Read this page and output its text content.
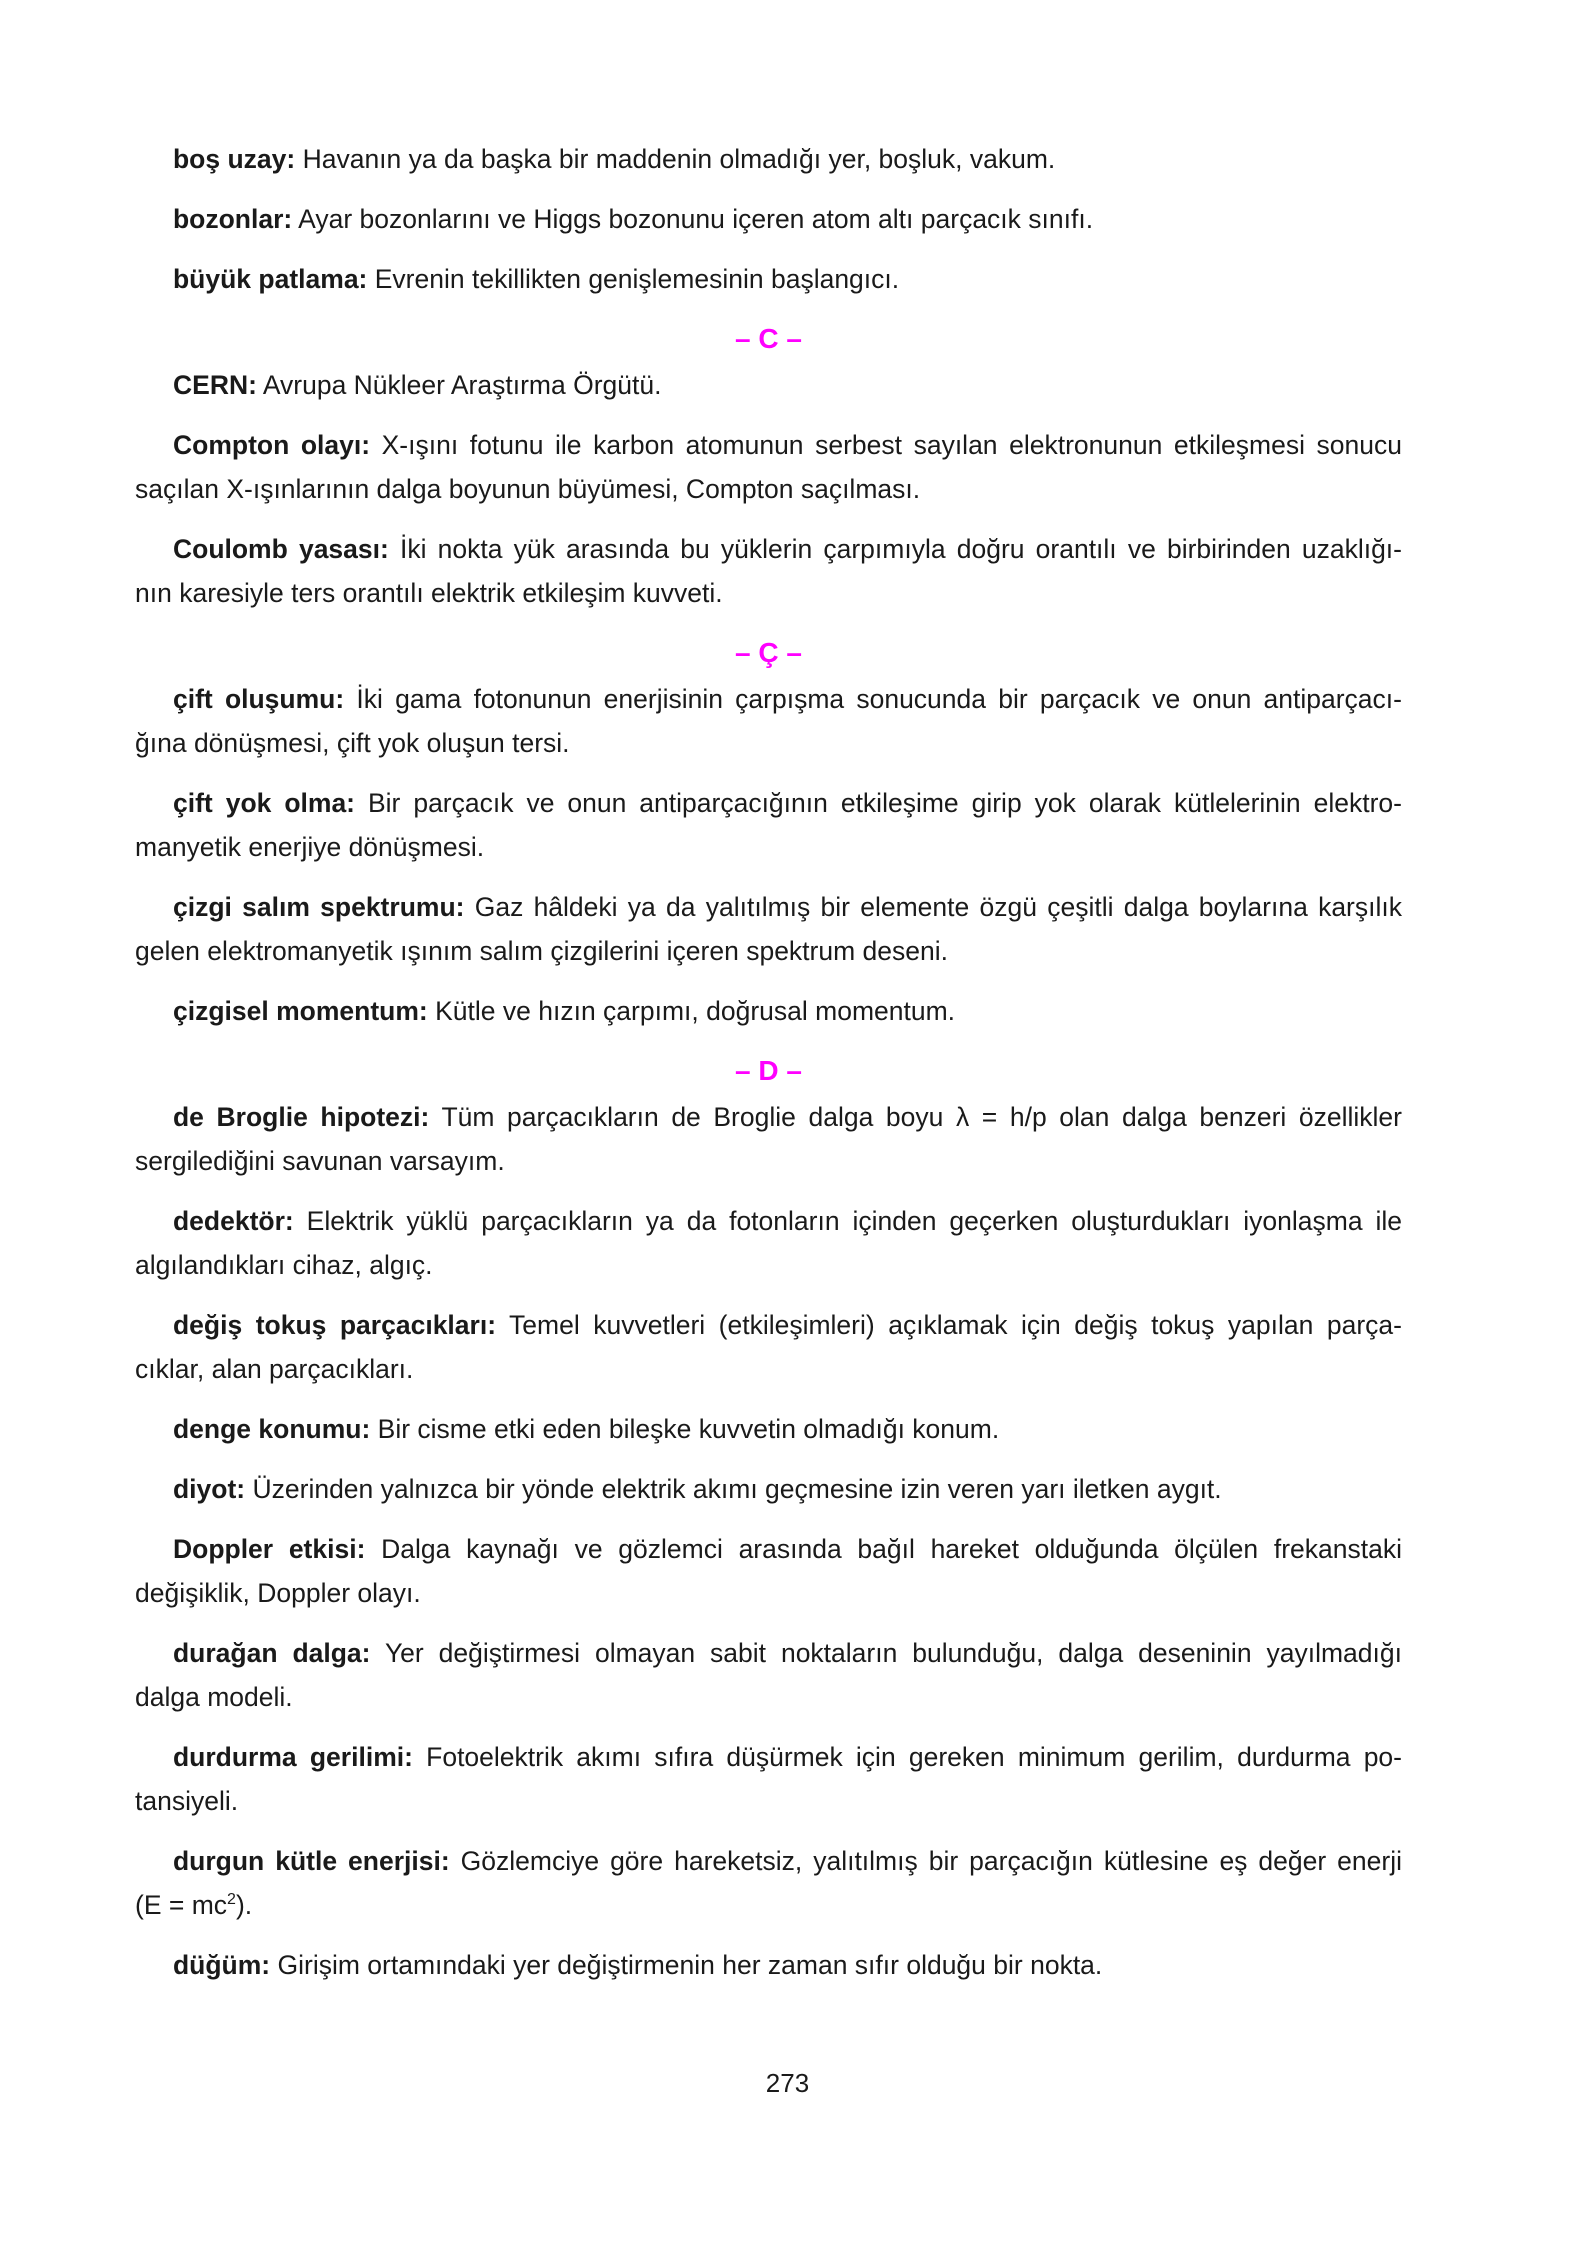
boş uzay: Havanın ya da başka bir maddenin olmadığı yer, boşluk, vakum.
bozonlar: Ayar bozonlarını ve Higgs bozonunu içeren atom altı parçacık sınıfı.
büyük patlama: Evrenin tekillikten genişlemesinin başlangıcı.
– C –
CERN: Avrupa Nükleer Araştırma Örgütü.
Compton olayı: X-ışını fotunu ile karbon atomunun serbest sayılan elektronunun etkileşmesi sonucu
saçılan X-ışınlarının dalga boyunun büyümesi, Compton saçılması.
Coulomb yasası: İki nokta yük arasında bu yüklerin çarpımıyla doğru orantılı ve birbirinden uzaklığı-
nın karesiyle ters orantılı elektrik etkileşim kuvveti.
– Ç –
çift oluşumu: İki gama fotonunun enerjisinin çarpışma sonucunda bir parçacık ve onun antiparçacı-
ğına dönüşmesi, çift yok oluşun tersi.
çift yok olma: Bir parçacık ve onun antiparçacığının etkileşime girip yok olarak kütlelerinin elektro-
manyetik enerjiye dönüşmesi.
çizgi salım spektrumu: Gaz hâldeki ya da yalıtılmış bir elemente özgü çeşitli dalga boylarına karşılık
gelen elektromanyetik ışınım salım çizgilerini içeren spektrum deseni.
çizgisel momentum: Kütle ve hızın çarpımı, doğrusal momentum.
– D –
de Broglie hipotezi: Tüm parçacıkların de Broglie dalga boyu λ = h/p olan dalga benzeri özellikler
sergilediğini savunan varsayım.
dedektör: Elektrik yüklü parçacıkların ya da fotonların içinden geçerken oluşturdukları iyonlaşma ile
algılandıkları cihaz, algıç.
değiş tokuş parçacıkları: Temel kuvvetleri (etkileşimleri) açıklamak için değiş tokuş yapılan parça-
cıklar, alan parçacıkları.
denge konumu: Bir cisme etki eden bileşke kuvvetin olmadığı konum.
diyot: Üzerinden yalnızca bir yönde elektrik akımı geçmesine izin veren yarı iletken aygıt.
Doppler etkisi: Dalga kaynağı ve gözlemci arasında bağıl hareket olduğunda ölçülen frekanstaki
değişiklik, Doppler olayı.
durağan dalga: Yer değiştirmesi olmayan sabit noktaların bulunduğu, dalga deseninin yayılmadığı
dalga modeli.
durdurma gerilimi: Fotoelektrik akımı sıfıra düşürmek için gereken minimum gerilim, durdurma po-
tansiyeli.
durgun kütle enerjisi: Gözlemciye göre hareketsiz, yalıtılmış bir parçacığın kütlesine eş değer enerji
$(E = mc^2)$.
düğüm: Girişim ortamındaki yer değiştirmenin her zaman sıfır olduğu bir nokta.
273
